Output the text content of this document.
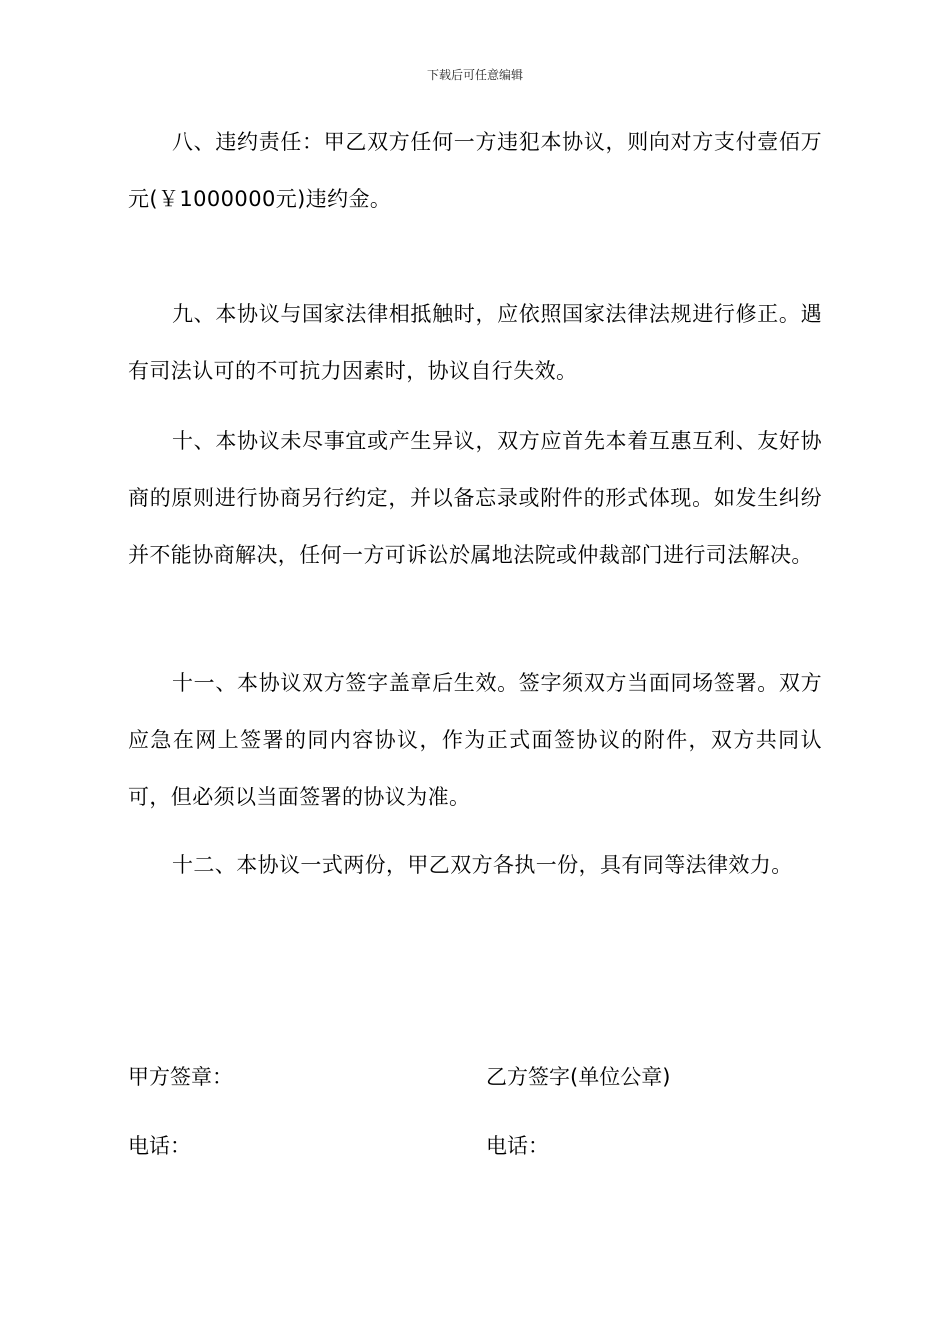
下载后可任意编辑

八、违约责任：甲乙双方任何一方违犯本协议，则向对方支付壹佰万元(￥1000000元)违约金。

九、本协议与国家法律相抵触时，应依照国家法律法规进行修正。遇有司法认可的不可抗力因素时，协议自行失效。

十、本协议未尽事宜或产生异议，双方应首先本着互惠互利、友好协商的原则进行协商另行约定，并以备忘录或附件的形式体现。如发生纠纷并不能协商解决，任何一方可诉讼於属地法院或仲裁部门进行司法解决。

十一、本协议双方签字盖章后生效。签字须双方当面同场签署。双方应急在网上签署的同内容协议，作为正式面签协议的附件，双方共同认可，但必须以当面签署的协议为准。

十二、本协议一式两份，甲乙双方各执一份，具有同等法律效力。

甲方签章：	乙方签字(单位公章)
电话：	电话：
